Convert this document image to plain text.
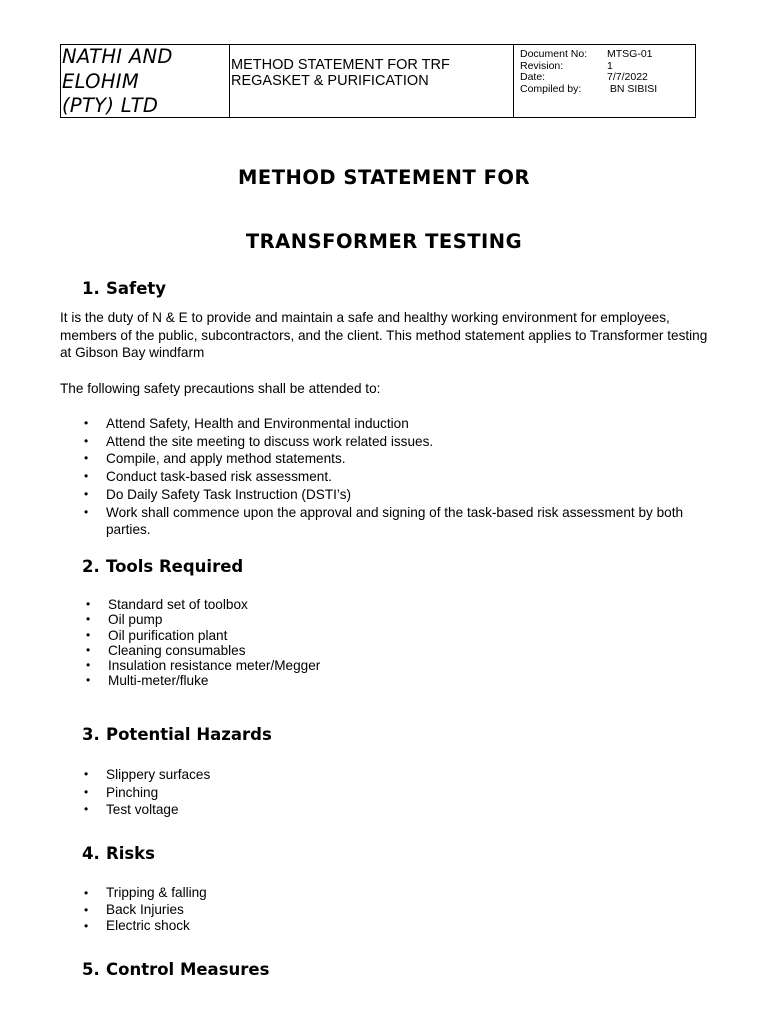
NATHI AND
ELOHIM
(PTY) LTD
METHOD STATEMENT FOR TRF
REGASKET & PURIFICATION
Document No:	MTSG-01
Revision:	1
Date:	7/7/2022
Compiled by:	BN SIBISI
METHOD STATEMENT FOR
TRANSFORMER TESTING
1. Safety
It is the duty of N & E to provide and maintain a safe and healthy working environment for employees, members of the public, subcontractors, and the client. This method statement applies to Transformer testing at Gibson Bay windfarm
The following safety precautions shall be attended to:
• Attend Safety, Health and Environmental induction
• Attend the site meeting to discuss work related issues.
• Compile, and apply method statements.
• Conduct task-based risk assessment.
• Do Daily Safety Task Instruction (DSTI’s)
• Work shall commence upon the approval and signing of the task-based risk assessment by both parties.
2. Tools Required
• Standard set of toolbox
• Oil pump
• Oil purification plant
• Cleaning consumables
• Insulation resistance meter/Megger
• Multi-meter/fluke
3. Potential Hazards
• Slippery surfaces
• Pinching
• Test voltage
4. Risks
• Tripping & falling
• Back Injuries
• Electric shock
5. Control Measures
